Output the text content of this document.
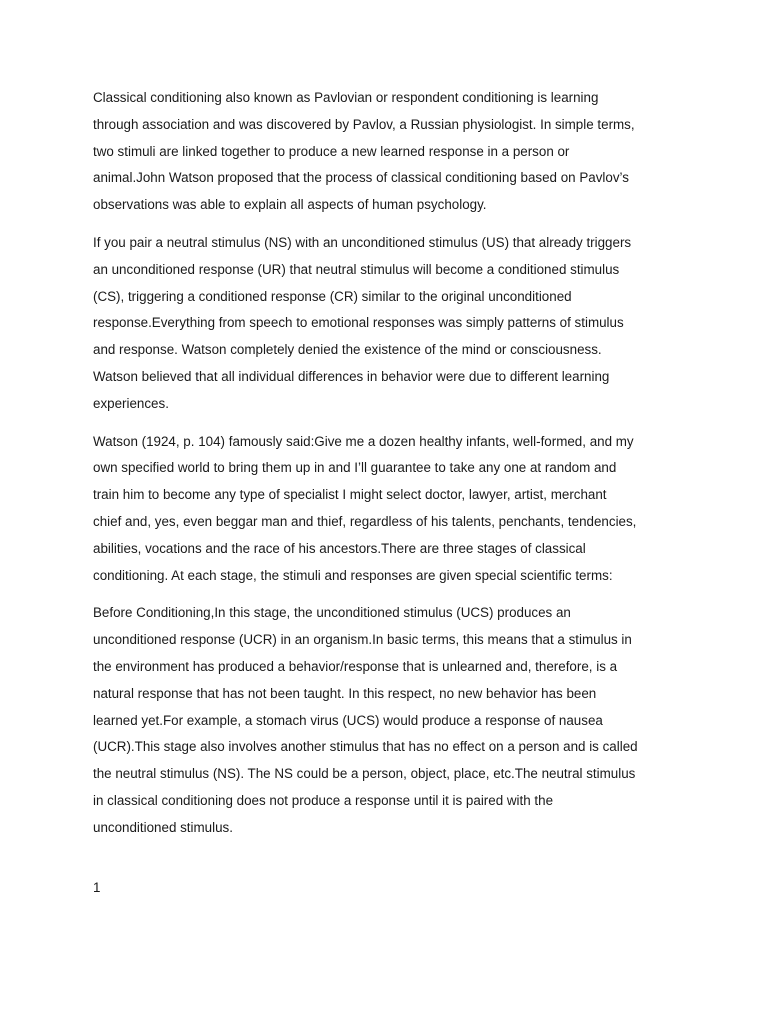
Classical conditioning also known as Pavlovian or respondent conditioning is learning
through association and was discovered by Pavlov, a Russian physiologist. In simple terms,
two stimuli are linked together to produce a new learned response in a person or
animal.John Watson proposed that the process of classical conditioning based on Pavlov’s
observations was able to explain all aspects of human psychology.
If you pair a neutral stimulus (NS) with an unconditioned stimulus (US) that already triggers
an unconditioned response (UR) that neutral stimulus will become a conditioned stimulus
(CS), triggering a conditioned response (CR) similar to the original unconditioned
response.Everything from speech to emotional responses was simply patterns of stimulus
and response. Watson completely denied the existence of the mind or consciousness.
Watson believed that all individual differences in behavior were due to different learning
experiences.
Watson (1924, p. 104) famously said:Give me a dozen healthy infants, well-formed, and my
own specified world to bring them up in and I’ll guarantee to take any one at random and
train him to become any type of specialist I might select doctor, lawyer, artist, merchant
chief and, yes, even beggar man and thief, regardless of his talents, penchants, tendencies,
abilities, vocations and the race of his ancestors.There are three stages of classical
conditioning. At each stage, the stimuli and responses are given special scientific terms:
Before Conditioning,In this stage, the unconditioned stimulus (UCS) produces an
unconditioned response (UCR) in an organism.In basic terms, this means that a stimulus in
the environment has produced a behavior/response that is unlearned and, therefore, is a
natural response that has not been taught. In this respect, no new behavior has been
learned yet.For example, a stomach virus (UCS) would produce a response of nausea
(UCR).This stage also involves another stimulus that has no effect on a person and is called
the neutral stimulus (NS). The NS could be a person, object, place, etc.The neutral stimulus
in classical conditioning does not produce a response until it is paired with the
unconditioned stimulus.
1
